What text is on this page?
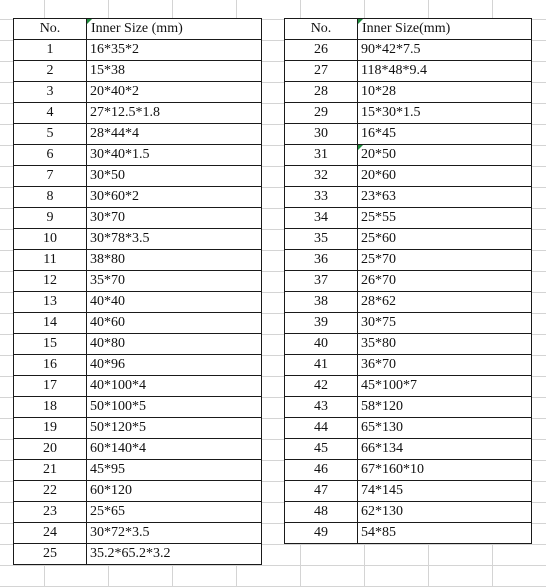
No.	Inner Size (mm)
1	16*35*2
2	15*38
3	20*40*2
4	27*12.5*1.8
5	28*44*4
6	30*40*1.5
7	30*50
8	30*60*2
9	30*70
10	30*78*3.5
11	38*80
12	35*70
13	40*40
14	40*60
15	40*80
16	40*96
17	40*100*4
18	50*100*5
19	50*120*5
20	60*140*4
21	45*95
22	60*120
23	25*65
24	30*72*3.5
25	35.2*65.2*3.2
No.	Inner Size(mm)
26	90*42*7.5
27	118*48*9.4
28	10*28
29	15*30*1.5
30	16*45
31	20*50
32	20*60
33	23*63
34	25*55
35	25*60
36	25*70
37	26*70
38	28*62
39	30*75
40	35*80
41	36*70
42	45*100*7
43	58*120
44	65*130
45	66*134
46	67*160*10
47	74*145
48	62*130
49	54*85
